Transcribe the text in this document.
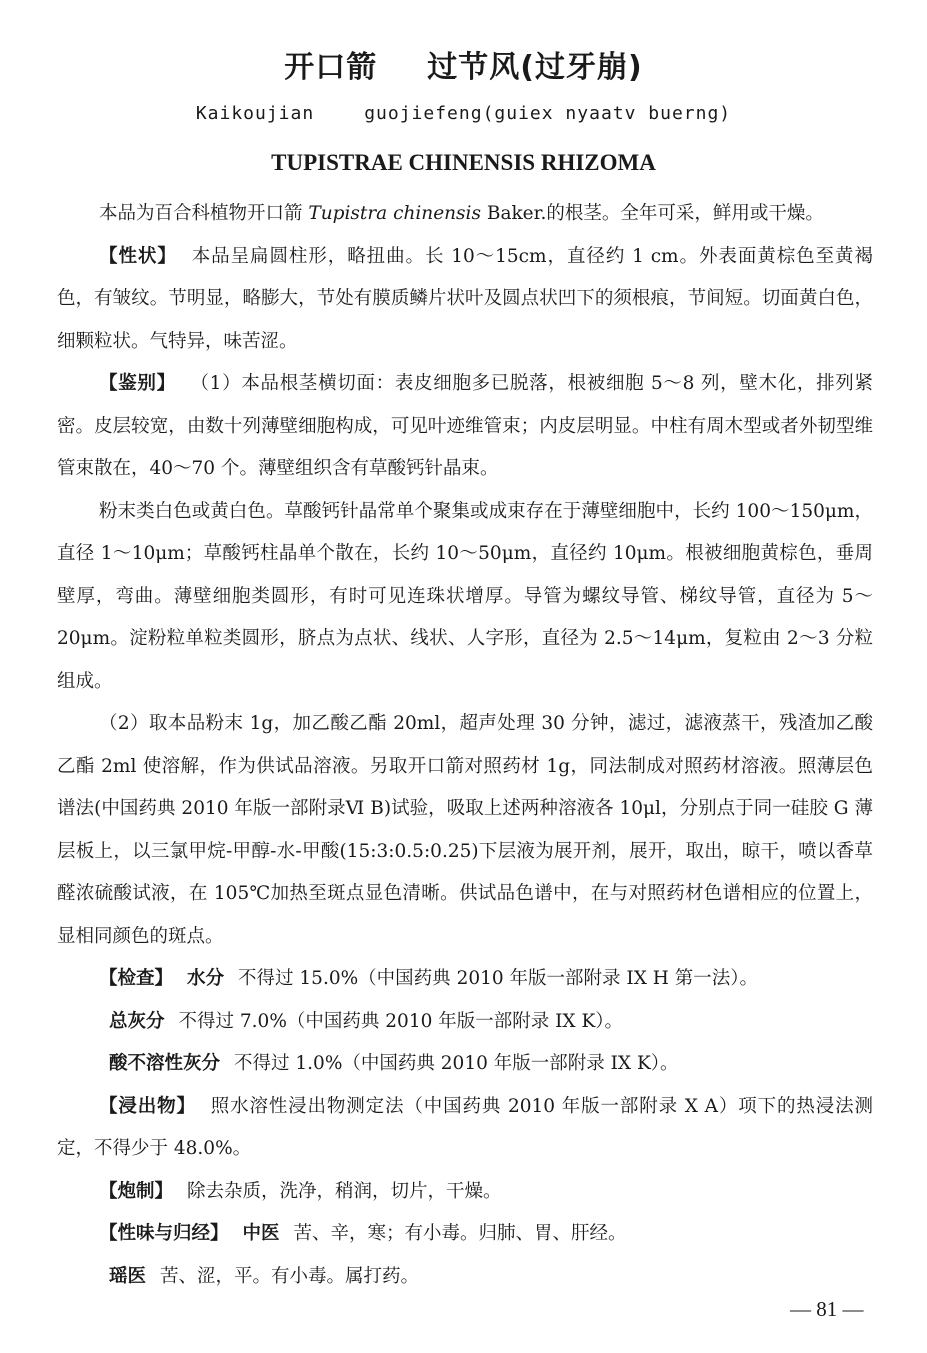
开口箭 过节风(过牙崩)
Kaikoujian	guojiefeng(guiex nyaatv buerng)
TUPISTRAE CHINENSIS RHIZOMA

本品为百合科植物开口箭 Tupistra chinensis Baker.的根茎。全年可采，鲜用或干燥。

【性状】 本品呈扁圆柱形，略扭曲。长 10～15cm，直径约 1 cm。外表面黄棕色至黄褐色，有皱纹。节明显，略膨大，节处有膜质鳞片状叶及圆点状凹下的须根痕，节间短。切面黄白色，细颗粒状。气特异，味苦涩。

【鉴别】 （1）本品根茎横切面：表皮细胞多已脱落，根被细胞 5～8 列，壁木化，排列紧密。皮层较宽，由数十列薄壁细胞构成，可见叶迹维管束；内皮层明显。中柱有周木型或者外韧型维管束散在，40～70 个。薄壁组织含有草酸钙针晶束。

粉末类白色或黄白色。草酸钙针晶常单个聚集或成束存在于薄壁细胞中，长约 100～150μm，直径 1～10μm；草酸钙柱晶单个散在，长约 10～50μm，直径约 10μm。根被细胞黄棕色，垂周壁厚，弯曲。薄壁细胞类圆形，有时可见连珠状增厚。导管为螺纹导管、梯纹导管，直径为 5～20μm。淀粉粒单粒类圆形，脐点为点状、线状、人字形，直径为 2.5～14μm，复粒由 2～3 分粒组成。

（2）取本品粉末 1g，加乙酸乙酯 20ml，超声处理 30 分钟，滤过，滤液蒸干，残渣加乙酸乙酯 2ml 使溶解，作为供试品溶液。另取开口箭对照药材 1g，同法制成对照药材溶液。照薄层色谱法(中国药典 2010 年版一部附录Ⅵ B)试验，吸取上述两种溶液各 10μl，分别点于同一硅胶 G 薄层板上，以三氯甲烷-甲醇-水-甲酸(15:3:0.5:0.25)下层液为展开剂，展开，取出，晾干，喷以香草醛浓硫酸试液，在 105℃加热至斑点显色清晰。供试品色谱中，在与对照药材色谱相应的位置上，显相同颜色的斑点。

【检查】 水分 不得过 15.0%（中国药典 2010 年版一部附录 IX H 第一法）。

总灰分 不得过 7.0%（中国药典 2010 年版一部附录 IX K）。

酸不溶性灰分 不得过 1.0%（中国药典 2010 年版一部附录 IX K）。

【浸出物】 照水溶性浸出物测定法（中国药典 2010 年版一部附录 X A）项下的热浸法测定，不得少于 48.0%。

【炮制】 除去杂质，洗净，稍润，切片，干燥。

【性味与归经】 中医 苦、辛，寒；有小毒。归肺、胃、肝经。

瑶医 苦、涩，平。有小毒。属打药。

— 81 —
